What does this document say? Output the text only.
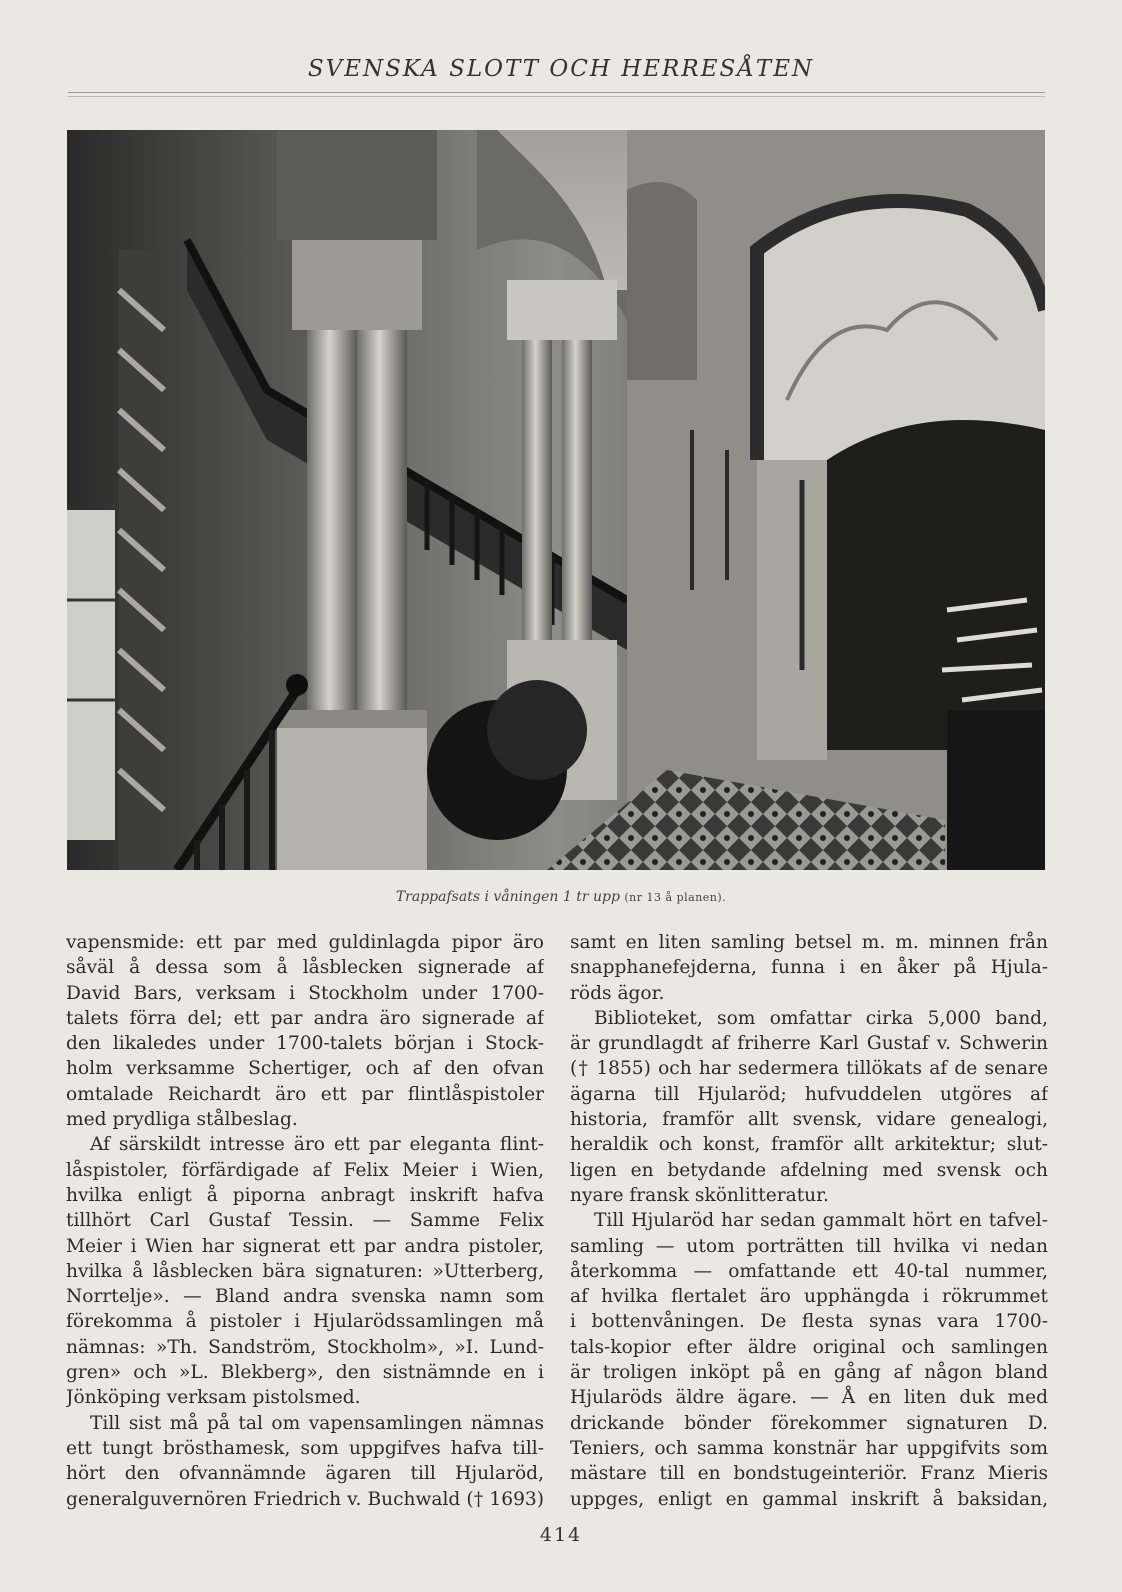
SVENSKA SLOTT OCH HERRESÅTEN
Trappafsats i våningen 1 tr upp (nr 13 å planen).
vapensmide: ett par med guldinlagda pipor äro
såväl å dessa som å låsblecken signerade af
David Bars, verksam i Stockholm under 1700-
talets förra del; ett par andra äro signerade af
den likaledes under 1700-talets början i Stock-
holm verksamme Schertiger, och af den ofvan
omtalade Reichardt äro ett par flintlåspistoler
med prydliga stålbeslag.
Af särskildt intresse äro ett par eleganta flint-
låspistoler, förfärdigade af Felix Meier i Wien,
hvilka enligt å piporna anbragt inskrift hafva
tillhört Carl Gustaf Tessin. — Samme Felix
Meier i Wien har signerat ett par andra pistoler,
hvilka å låsblecken bära signaturen: »Utterberg,
Norrtelje». — Bland andra svenska namn som
förekomma å pistoler i Hjularödssamlingen må
nämnas: »Th. Sandström, Stockholm», »I. Lund-
gren» och »L. Blekberg», den sistnämnde en i
Jönköping verksam pistolsmed.
Till sist må på tal om vapensamlingen nämnas
ett tungt brösthamesk, som uppgifves hafva till-
hört den ofvannämnde ägaren till Hjularöd,
generalguvernören Friedrich v. Buchwald († 1693)
samt en liten samling betsel m. m. minnen från
snapphanefejderna, funna i en åker på Hjula-
röds ägor.
Biblioteket, som omfattar cirka 5,000 band,
är grundlagdt af friherre Karl Gustaf v. Schwerin
(† 1855) och har sedermera tillökats af de senare
ägarna till Hjularöd; hufvuddelen utgöres af
historia, framför allt svensk, vidare genealogi,
heraldik och konst, framför allt arkitektur; slut-
ligen en betydande afdelning med svensk och
nyare fransk skönlitteratur.
Till Hjularöd har sedan gammalt hört en tafvel-
samling — utom porträtten till hvilka vi nedan
återkomma — omfattande ett 40-tal nummer,
af hvilka flertalet äro upphängda i rökrummet
i bottenvåningen. De flesta synas vara 1700-
tals-kopior efter äldre original och samlingen
är troligen inköpt på en gång af någon bland
Hjularöds äldre ägare. — Å en liten duk med
drickande bönder förekommer signaturen D.
Teniers, och samma konstnär har uppgifvits som
mästare till en bondstugeinteriör. Franz Mieris
uppges, enligt en gammal inskrift å baksidan,
414
